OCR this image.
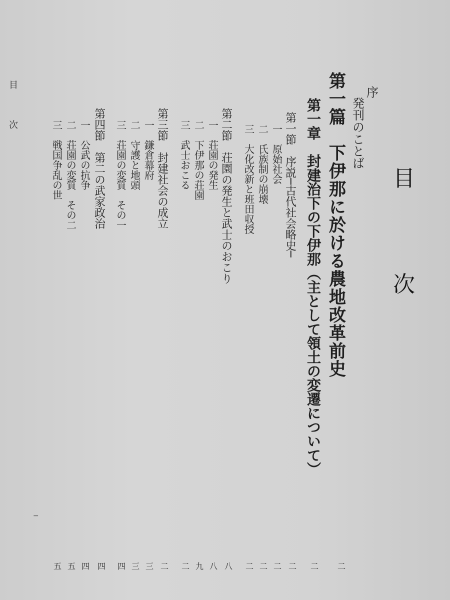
目
次
序
発刊のことば
第一篇　下伊那に於ける農地改革前史
第一章　封建治下の下伊那（主として領土の変遷について）
第一節　序説─古代社会略史─
一　原始社会
二　氏族制の崩壊
三　大化改新と班田収授
第二節　荘園の発生と武士のおこり
一　荘園の発生
二　下伊那の荘園
三　武士おこる
第三節　封建社会の成立
一　鎌倉幕府
二　守護と地頭
三　荘園の変質　その一
第四節　第二の武家政治
一　公武の抗争
二　荘園の変質　その二
三　戦国争乱の世
二
二
二
二
二
二
八
八
九
二
二
三
三
四
四
四
五
五
目
次
−
